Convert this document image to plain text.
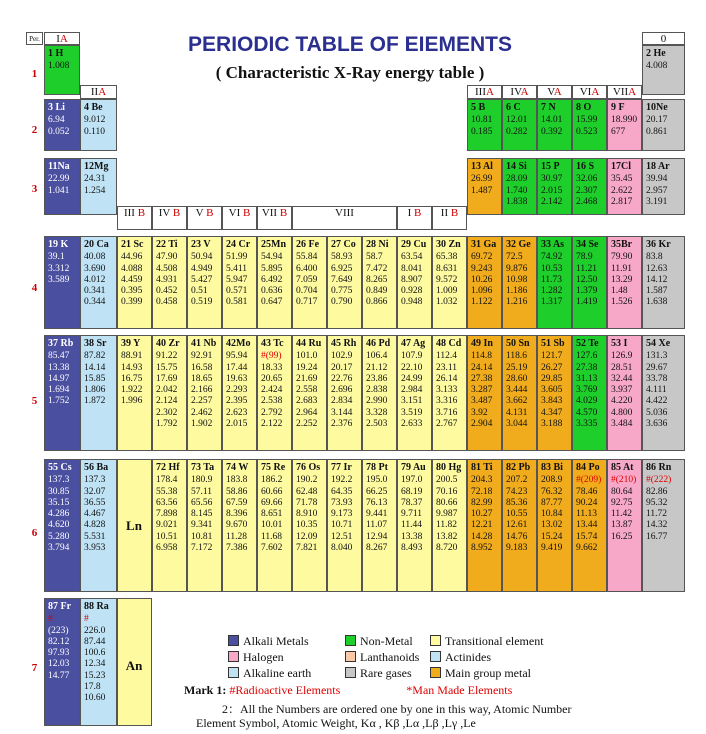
PERIODIC TABLE OF EIEMENTS
( Characteristic X-Ray energy table )
Per.
1
2
3
4
5
6
7
IA
IIA	IIIA	IVA	VA	VIA	VIIA
0
III B	IV B	V B	VI B	VII B	VIII	I B	II B
1 H
1.008
2 He
4.008
3 Li
6.94
0.052
4 Be
9.012
0.110
5 B
10.81
0.185
6 C
12.01
0.282
7 N
14.01
0.392
8 O
15.99
0.523
9 F
18.990
677
10Ne
20.17
0.861
11Na
22.99
1.041
12Mg
24.31
1.254
13 Al
26.99
1.487
14 Si
28.09
1.740
1.838
15 P
30.97
2.015
2.142
16 S
32.06
2.307
2.468
17Cl
35.45
2.622
2.817
18 Ar
39.94
2.957
3.191
19 K
39.1
3.312
3.589
20 Ca
40.08
3.690
4.012
0.341
0.344
21 Sc
44.96
4.088
4.459
0.395
0.399
22 Ti
47.90
4.508
4.931
0.452
0.458
23 V
50.94
4.949
5.427
0.51
0.519
24 Cr
51.99
5.411
5.947
0.571
0.581
25Mn
54.94
5.895
6.492
0.636
0.647
26 Fe
55.84
6.400
7.059
0.704
0.717
27 Co
58.93
6.925
7.649
0.775
0.790
28 Ni
58.7
7.472
8.265
0.849
0.866
29 Cu
63.54
8.041
8.907
0.928
0.948
30 Zn
65.38
8.631
9.572
1.009
1.032
31 Ga
69.72
9.243
10.26
1.096
1.122
32 Ge
72.5
9.876
10.98
1.186
1.216
33 As
74.92
10.53
11.73
1.282
1.317
34 Se
78.9
11.21
12.50
1.379
1.419
35Br
79.90
11.91
13.29
1.48
1.526
36 Kr
83.8
12.63
14.12
1.587
1.638
37 Rb
85.47
13.38
14.97
1.694
1.752
38 Sr
87.82
14.14
15.85
1.806
1.872
39 Y
88.91
14.93
16.75
1.922
1.996
40 Zr
91.22
15.75
17.69
2.042
2.124
2.302
1.792
41 Nb
92.91
16.58
18.65
2.166
2.257
2.462
1.902
42Mo
95.94
17.44
19.63
2.293
2.395
2.623
2.015
43 Tc
#(99)
18.33
20.65
2.424
2.538
2.792
2.122
44 Ru
101.0
19.24
21.69
2.558
2.683
2.964
2.252
45 Rh
102.9
20.17
22.76
2.696
2.834
3.144
2.376
46 Pd
106.4
21.12
23.86
2.838
2.990
3.328
2.503
47 Ag
107.9
22.10
24.99
2.984
3.151
3.519
2.633
48 Cd
112.4
23.11
26.14
3.133
3.316
3.716
2.767
49 In
114.8
24.14
27.38
3.287
3.487
3.92
2.904
50 Sn
118.6
25.19
28.60
3.444
3.662
4.131
3.044
51 Sb
121.7
26.27
29.85
3.605
3.843
4.347
3.188
52 Te
127.6
27.38
31.13
3.769
4.029
4.570
3.335
53 I
126.9
28.51
32.44
3.937
4.220
4.800
3.484
54 Xe
131.3
29.67
33.78
4.111
4.422
5.036
3.636
55 Cs
137.3
30.85
35.15
4.286
4.620
5.280
3.794
56 Ba
137.3
32.07
36.55
4.467
4.828
5.531
3.953
72 Hf
178.4
55.38
63.56
7.898
9.021
10.51
6.958
73 Ta
180.9
57.11
65.56
8.145
9.341
10.81
7.172
74 W
183.8
58.86
67.59
8.396
9.670
11.28
7.386
75 Re
186.2
60.66
69.66
8.651
10.01
11.68
7.602
76 Os
190.2
62.48
71.78
8.910
10.35
12.09
7.821
77 Ir
192.2
64.35
73.93
9.173
10.71
12.51
8.040
78 Pt
195.0
66.25
76.13
9.441
11.07
12.94
8.267
79 Au
197.0
68.19
78.37
9.711
11.44
13.38
8.493
80 Hg
200.5
70.16
80.66
9.987
11.82
13.82
8.720
81 Ti
204.3
72.18
82.99
10.27
12.21
14.28
8.952
82 Pb
207.2
74.23
85.36
10.55
12.61
14.76
9.183
83 Bi
208.9
76.32
87.77
10.84
13.02
15.24
9.419
84 Po
#(209)
78.46
90.24
11.13
13.44
15.74
9.662
85 At
#(210)
80.64
92.75
11.42
13.87
16.25
86 Rn
#(222)
82.86
95.32
11.72
14.32
16.77
87 Fr
#
(223)
82.12
97.93
12.03
14.77
88 Ra
#
226.0
87.44
100.6
12.34
15.23
17.8
10.60
Ln
An
Alkali Metals	Non-Metal	Transitional element
Halogen	Lanthanoids	Actinides
Alkaline earth	Rare gases	Main group metal
Mark 1: #Radioactive Elements	*Man Made Elements
2：All the Numbers are ordered one by one in this way, Atomic Number
Element Symbol, Atomic Weight, Kα , Kβ ,Lα ,Lβ ,Lγ ,Le
